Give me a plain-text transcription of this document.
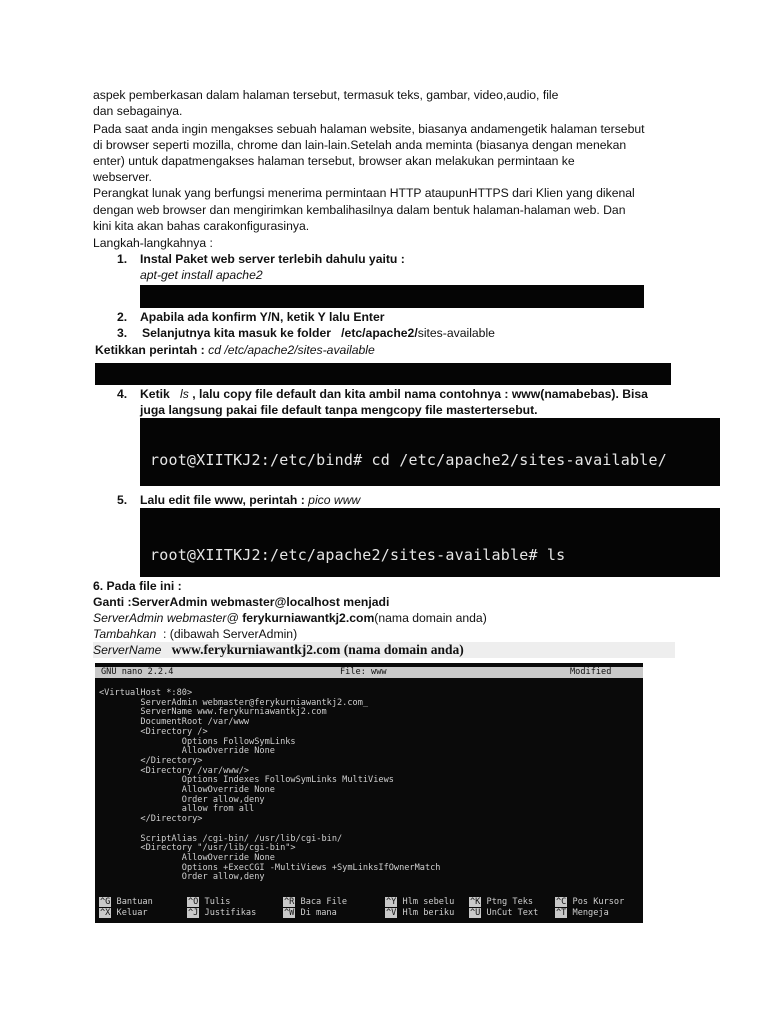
aspek pemberkasan dalam halaman tersebut, termasuk teks, gambar, video,audio, file
dan sebagainya.
Pada saat anda ingin mengakses sebuah halaman website, biasanya andamengetik halaman tersebut
di browser seperti mozilla, chrome dan lain-lain.Setelah anda meminta (biasanya dengan menekan
enter) untuk dapatmengakses halaman tersebut, browser akan melakukan permintaan ke
webserver.
Perangkat lunak yang berfungsi menerima permintaan HTTP ataupunHTTPS dari Klien yang dikenal
dengan web browser dan mengirimkan kembalihasilnya dalam bentuk halaman-halaman web. Dan
kini kita akan bahas carakonfigurasinya.
Langkah-langkahnya :
1. Instal Paket web server terlebih dahulu yaitu :
apt-get install apache2

2. Apabila ada konfirm Y/N, ketik Y lalu Enter
3. Selanjutnya kita masuk ke folder /etc/apache2/sites-available
Ketikkan perintah : cd /etc/apache2/sites-available

4. Ketik ls , lalu copy file default dan kita ambil nama contohnya : www(namabebas). Bisa
juga langsung pakai file default tanpa mengcopy file mastertersebut.

root@XIITKJ2:/etc/bind# cd /etc/apache2/sites-available/

5. Lalu edit file www, perintah : pico www

root@XIITKJ2:/etc/apache2/sites-available# ls

6. Pada file ini :
Ganti :ServerAdmin webmaster@localhost menjadi
ServerAdmin webmaster@ ferykurniawantkj2.com(nama domain anda)
Tambahkan : (dibawah ServerAdmin)
ServerName www.ferykurniawantkj2.com (nama domain anda)
GNU nano 2.2.4	File: www	Modified
<VirtualHost *:80>
ServerAdmin webmaster@ferykurniawantkj2.com_
ServerName www.ferykurniawantkj2.com
DocumentRoot /var/www
<Directory />
Options FollowSymLinks
AllowOverride None
</Directory>
<Directory /var/www/>
Options Indexes FollowSymLinks MultiViews
AllowOverride None
Order allow,deny
allow from all
</Directory>

ScriptAlias /cgi-bin/ /usr/lib/cgi-bin/
<Directory "/usr/lib/cgi-bin">
AllowOverride None
Options +ExecCGI -MultiViews +SymLinksIfOwnerMatch
Order allow,deny
^G Bantuan	^O Tulis	^R Baca File	^Y Hlm sebelu ^K Ptng Teks	^C Pos Kursor
^X Keluar	^J Justifikas	^W Di mana	^V Hlm beriku ^U UnCut Text ^T Mengeja
